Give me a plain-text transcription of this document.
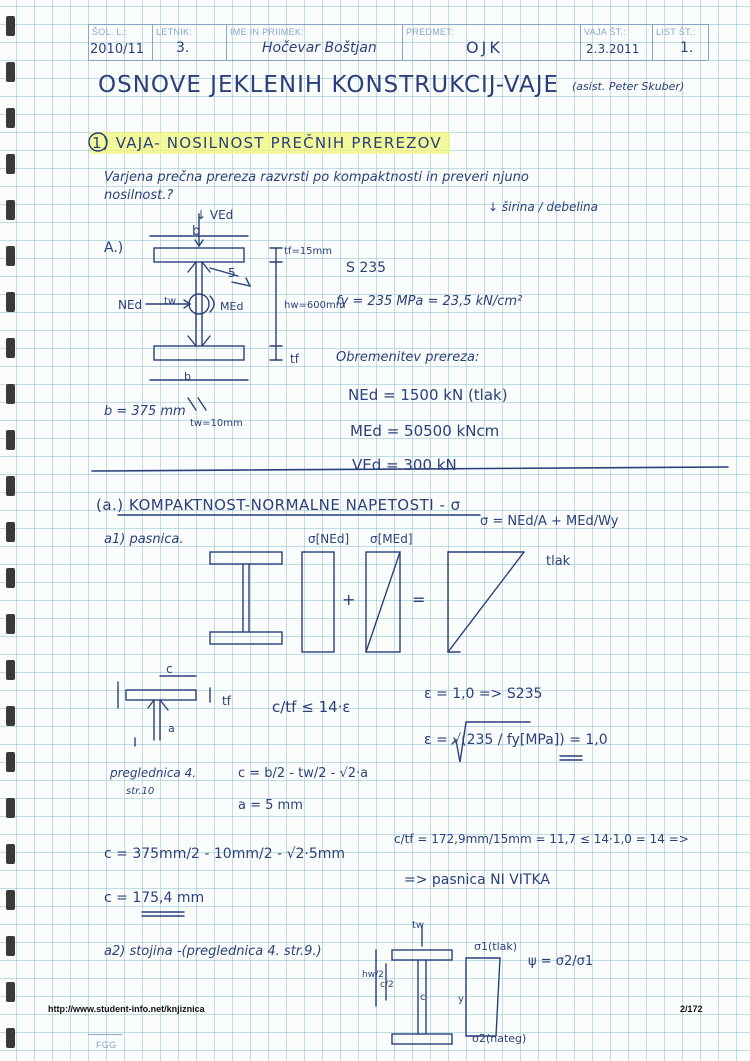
ŠOL. L.:	LETNIK:	IME IN PRIIMEK:	PREDMET:	VAJA ŠT.:	LIST ŠT.:
2010/11 3.	Hočevar Boštjan	OJK	2.3.2011	1.
OSNOVE JEKLENIH KONSTRUKCIJ-VAJE (asist. Peter Skuber)
1) VAJA- NOSILNOST PREČNIH PREREZOV
Varjena prečna prereza razvrsti po kompaktnosti in preveri njuno
nosilnost.?
↓ širina / debelina
A.)
↓ VEd
b
5
tf=15mm
hw=600mm
NEd tw	MEd
tf
b
b = 375 mm
tw=10mm
S 235
fy = 235 MPa = 23,5 kN/cm²
Obremenitev prereza:
NEd = 1500 kN (tlak)
MEd = 50500 kNcm
VEd = 300 kN
(a.) KOMPAKTNOST-NORMALNE NAPETOSTI - σ
a1) pasnica.
σ = NEd/A + MEd/Wy
σ[NEd] σ[MEd]
tlak
+	=
c
tf
a
c/tf ≤ 14·ε
ε = 1,0 => S235
ε = √(235 / fy[MPa]) = 1,0
preglednica 4.
str.10
c = b/2 - tw/2 - √2·a
a = 5 mm
c = 375mm/2 - 10mm/2 - √2·5mm
c = 175,4 mm
c/tf = 172,9mm/15mm = 11,7 ≤ 14·1,0 = 14 =>
=> pasnica NI VITKA
a2) stojina -(preglednica 4. str.9.)
tw
σ1(tlak)
ψ = σ2/σ1
σ2(nateg)
hw/2
c/2
c	y
http://www.student-info.net/knjiznica	2/172
FGG
